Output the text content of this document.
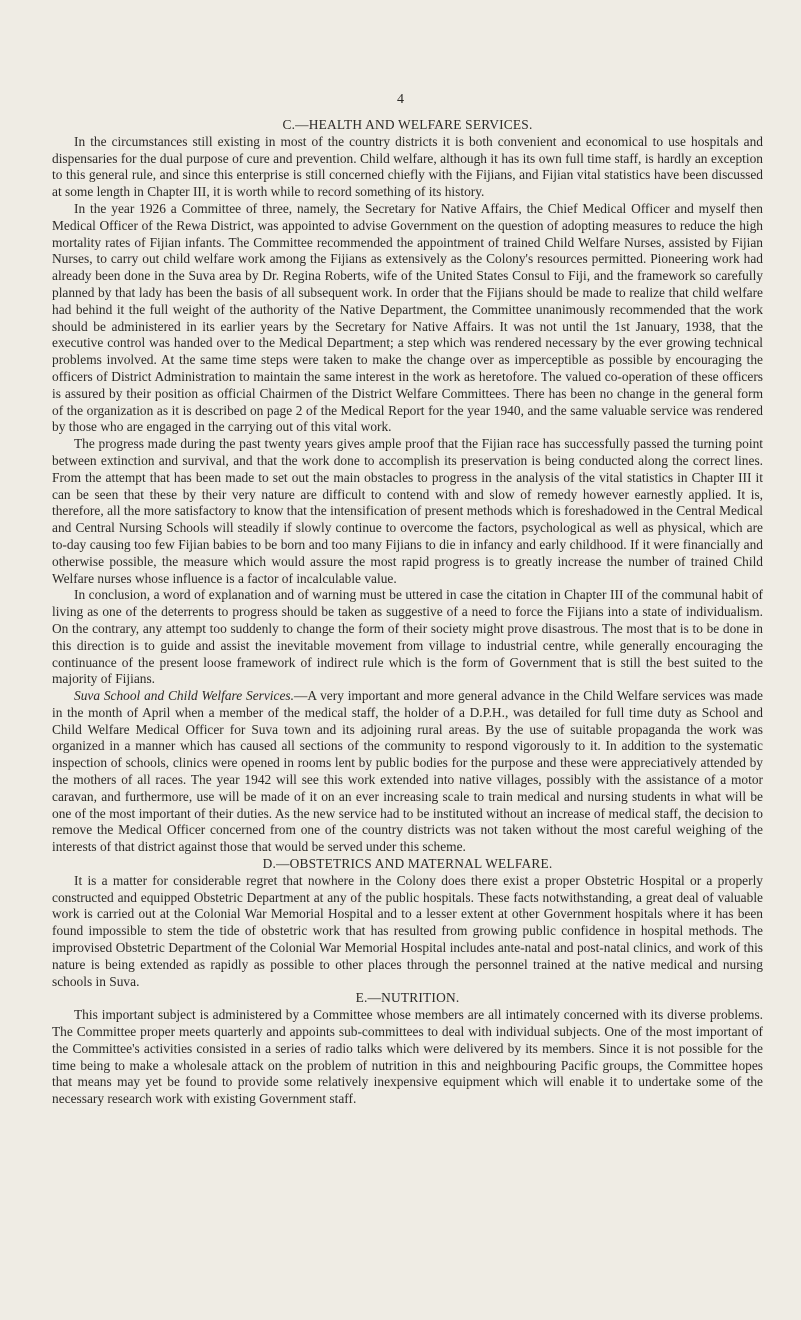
4
C.—HEALTH AND WELFARE SERVICES.

In the circumstances still existing in most of the country districts it is both convenient and economical to use hospitals and dispensaries for the dual purpose of cure and prevention. Child welfare, although it has its own full time staff, is hardly an exception to this general rule, and since this enterprise is still concerned chiefly with the Fijians, and Fijian vital statistics have been discussed at some length in Chapter III, it is worth while to record something of its history.

In the year 1926 a Committee of three, namely, the Secretary for Native Affairs, the Chief Medical Officer and myself then Medical Officer of the Rewa District, was appointed to advise Government on the question of adopting measures to reduce the high mortality rates of Fijian infants. The Committee recommended the appointment of trained Child Welfare Nurses, assisted by Fijian Nurses, to carry out child welfare work among the Fijians as extensively as the Colony's resources permitted. Pioneering work had already been done in the Suva area by Dr. Regina Roberts, wife of the United States Consul to Fiji, and the framework so carefully planned by that lady has been the basis of all subsequent work. In order that the Fijians should be made to realize that child welfare had behind it the full weight of the authority of the Native Department, the Committee unanimously recommended that the work should be administered in its earlier years by the Secretary for Native Affairs. It was not until the 1st January, 1938, that the executive control was handed over to the Medical Department; a step which was rendered necessary by the ever growing technical problems involved. At the same time steps were taken to make the change over as imperceptible as possible by encouraging the officers of District Administration to maintain the same interest in the work as heretofore. The valued co-operation of these officers is assured by their position as official Chairmen of the District Welfare Committees. There has been no change in the general form of the organization as it is described on page 2 of the Medical Report for the year 1940, and the same valuable service was rendered by those who are engaged in the carrying out of this vital work.

The progress made during the past twenty years gives ample proof that the Fijian race has successfully passed the turning point between extinction and survival, and that the work done to accomplish its preservation is being conducted along the correct lines. From the attempt that has been made to set out the main obstacles to progress in the analysis of the vital statistics in Chapter III it can be seen that these by their very nature are difficult to contend with and slow of remedy however earnestly applied. It is, therefore, all the more satisfactory to know that the intensification of present methods which is foreshadowed in the Central Medical and Central Nursing Schools will steadily if slowly continue to overcome the factors, psychological as well as physical, which are to-day causing too few Fijian babies to be born and too many Fijians to die in infancy and early childhood. If it were financially and otherwise possible, the measure which would assure the most rapid progress is to greatly increase the number of trained Child Welfare nurses whose influence is a factor of incalculable value.

In conclusion, a word of explanation and of warning must be uttered in case the citation in Chapter III of the communal habit of living as one of the deterrents to progress should be taken as suggestive of a need to force the Fijians into a state of individualism. On the contrary, any attempt too suddenly to change the form of their society might prove disastrous. The most that is to be done in this direction is to guide and assist the inevitable movement from village to industrial centre, while generally encouraging the continuance of the present loose framework of indirect rule which is the form of Government that is still the best suited to the majority of Fijians.

Suva School and Child Welfare Services.—A very important and more general advance in the Child Welfare services was made in the month of April when a member of the medical staff, the holder of a D.P.H., was detailed for full time duty as School and Child Welfare Medical Officer for Suva town and its adjoining rural areas. By the use of suitable propaganda the work was organized in a manner which has caused all sections of the community to respond vigorously to it. In addition to the systematic inspection of schools, clinics were opened in rooms lent by public bodies for the purpose and these were appreciatively attended by the mothers of all races. The year 1942 will see this work extended into native villages, possibly with the assistance of a motor caravan, and furthermore, use will be made of it on an ever increasing scale to train medical and nursing students in what will be one of the most important of their duties. As the new service had to be instituted without an increase of medical staff, the decision to remove the Medical Officer concerned from one of the country districts was not taken without the most careful weighing of the interests of that district against those that would be served under this scheme.

D.—OBSTETRICS AND MATERNAL WELFARE.

It is a matter for considerable regret that nowhere in the Colony does there exist a proper Obstetric Hospital or a properly constructed and equipped Obstetric Department at any of the public hospitals. These facts notwithstanding, a great deal of valuable work is carried out at the Colonial War Memorial Hospital and to a lesser extent at other Government hospitals where it has been found impossible to stem the tide of obstetric work that has resulted from growing public confidence in hospital methods. The improvised Obstetric Department of the Colonial War Memorial Hospital includes ante-natal and post-natal clinics, and work of this nature is being extended as rapidly as possible to other places through the personnel trained at the native medical and nursing schools in Suva.

E.—NUTRITION.

This important subject is administered by a Committee whose members are all intimately concerned with its diverse problems. The Committee proper meets quarterly and appoints sub-committees to deal with individual subjects. One of the most important of the Committee's activities consisted in a series of radio talks which were delivered by its members. Since it is not possible for the time being to make a wholesale attack on the problem of nutrition in this and neighbouring Pacific groups, the Committee hopes that means may yet be found to provide some relatively inexpensive equipment which will enable it to undertake some of the necessary research work with existing Government staff.
